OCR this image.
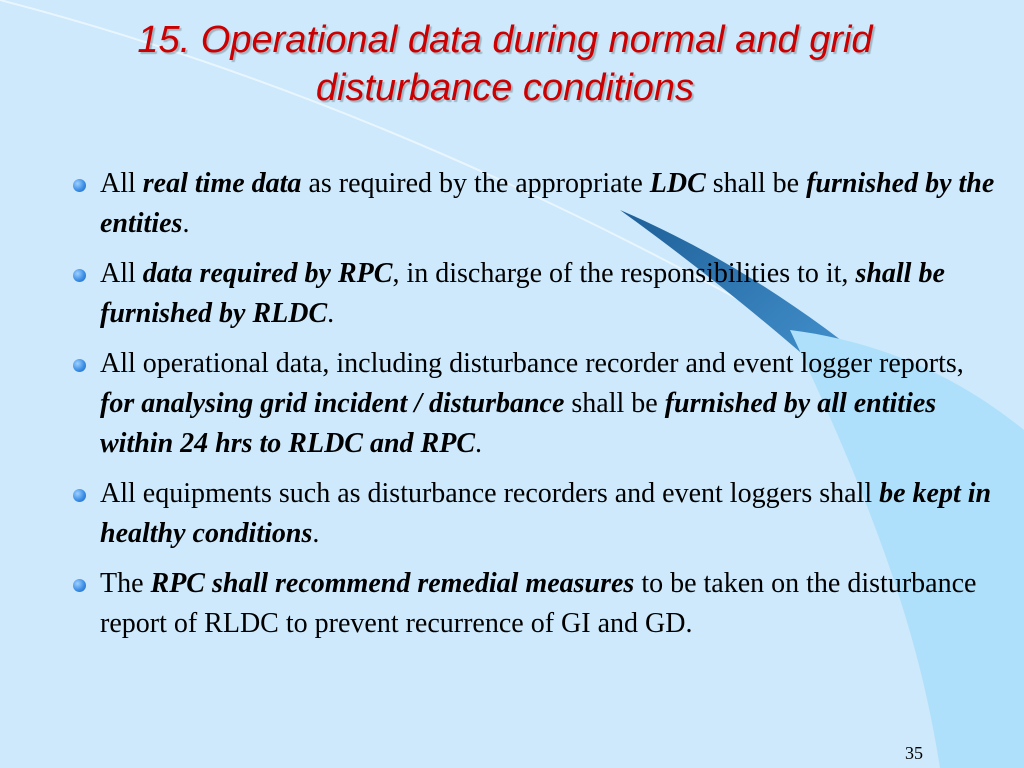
15. Operational data during normal and grid
disturbance conditions
All real time data as required by the appropriate LDC shall be furnished by the entities.
All data required by RPC, in discharge of the responsibilities to it, shall be furnished by RLDC.
All operational data, including disturbance recorder and event logger reports, for analysing grid incident / disturbance shall be furnished by all entities within 24 hrs to RLDC and RPC.
All equipments such as disturbance recorders and event loggers shall be kept in healthy conditions.
The RPC shall recommend remedial measures to be taken on the disturbance report of RLDC to prevent recurrence of GI and GD.
35
